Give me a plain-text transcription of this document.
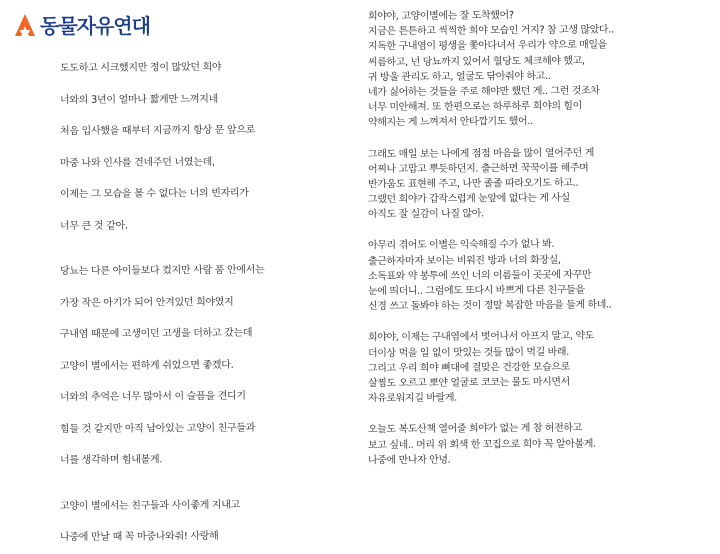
동물자유연대
도도하고 시크했지만 정이 많았던 희야
너와의 3년이 얼마나 짧게만 느껴지네
처음 입사했을 때부터 지금까지 항상 문 앞으로
마중 나와 인사를 건네주던 너였는데,
이제는 그 모습을 볼 수 없다는 너의 빈자리가
너무 큰 것 같아.
당뇨는 다른 아이들보다 컸지만 사람 품 안에서는
가장 작은 아기가 되어 안겨있던 희야였지
구내염 때문에 고생이던 고생을 더하고 갔는데
고양이 별에서는 편하게 쉬었으면 좋겠다.
너와의 추억은 너무 많아서 이 슬픔을 견디기
힘들 것 같지만 아직 남아있는 고양이 친구들과
너를 생각하며 힘내볼게.
고양이 별에서는 친구들과 사이좋게 지내고
나중에 만날 때 꼭 마중나와줘! 사랑해
희야야, 고양이별에는 잘 도착했어?
지금은 튼튼하고 씩씩한 희야 모습인 거지? 참 고생 많았다..
지독한 구내염이 평생을 쫓아다녀서 우리가 약으로 매일을
씨름하고, 넌 당뇨까지 있어서 혈당도 체크해야 했고,
귀 방울 관리도 하고, 얼굴도 닦아줘야 하고..
네가 싫어하는 것들을 주로 해야만 했던 게.. 그런 것조차
너무 미안해져. 또 한편으로는 하루하루 희야의 힘이
약해지는 게 느껴져서 안타깝기도 했어..
그래도 매일 보는 나에게 점점 마음을 많이 열어주던 게
어찌나 고맙고 뿌듯하던지. 출근하면 꾹꾹이를 해주며
반가움도 표현해 주고, 나만 졸졸 따라오기도 하고..
그랬던 희야가 갑작스럽게 눈앞에 없다는 게 사실
아직도 잘 실감이 나질 않아.
아무리 겪어도 이별은 익숙해질 수가 없나 봐.
출근하자마자 보이는 비워진 방과 너의 화장실,
소독표와 약 봉투에 쓰인 너의 이름들이 곳곳에 자꾸만
눈에 띄더니.. 그럼에도 또다시 바쁘게 다른 친구들을
신경 쓰고 돌봐야 하는 것이 정말 복잡한 마음을 들게 하네..
희야야, 이제는 구내염에서 벗어나서 아프지 말고, 약도
더이상 먹을 일 없이 맛있는 것들 많이 먹길 바래.
그리고 우리 희야 뼈대에 걸맞은 건강한 모습으로
살찜도 오르고 뽀얀 얼굴로 코코는 물도 마시면서
자유로워지길 바랄게.
오늘도 복도산책 열어줄 희야가 없는 게 참 허전하고
보고 싶네.. 머리 위 회색 한 꼬집으로 희야 꼭 알아볼게.
나중에 만나자 안녕.
